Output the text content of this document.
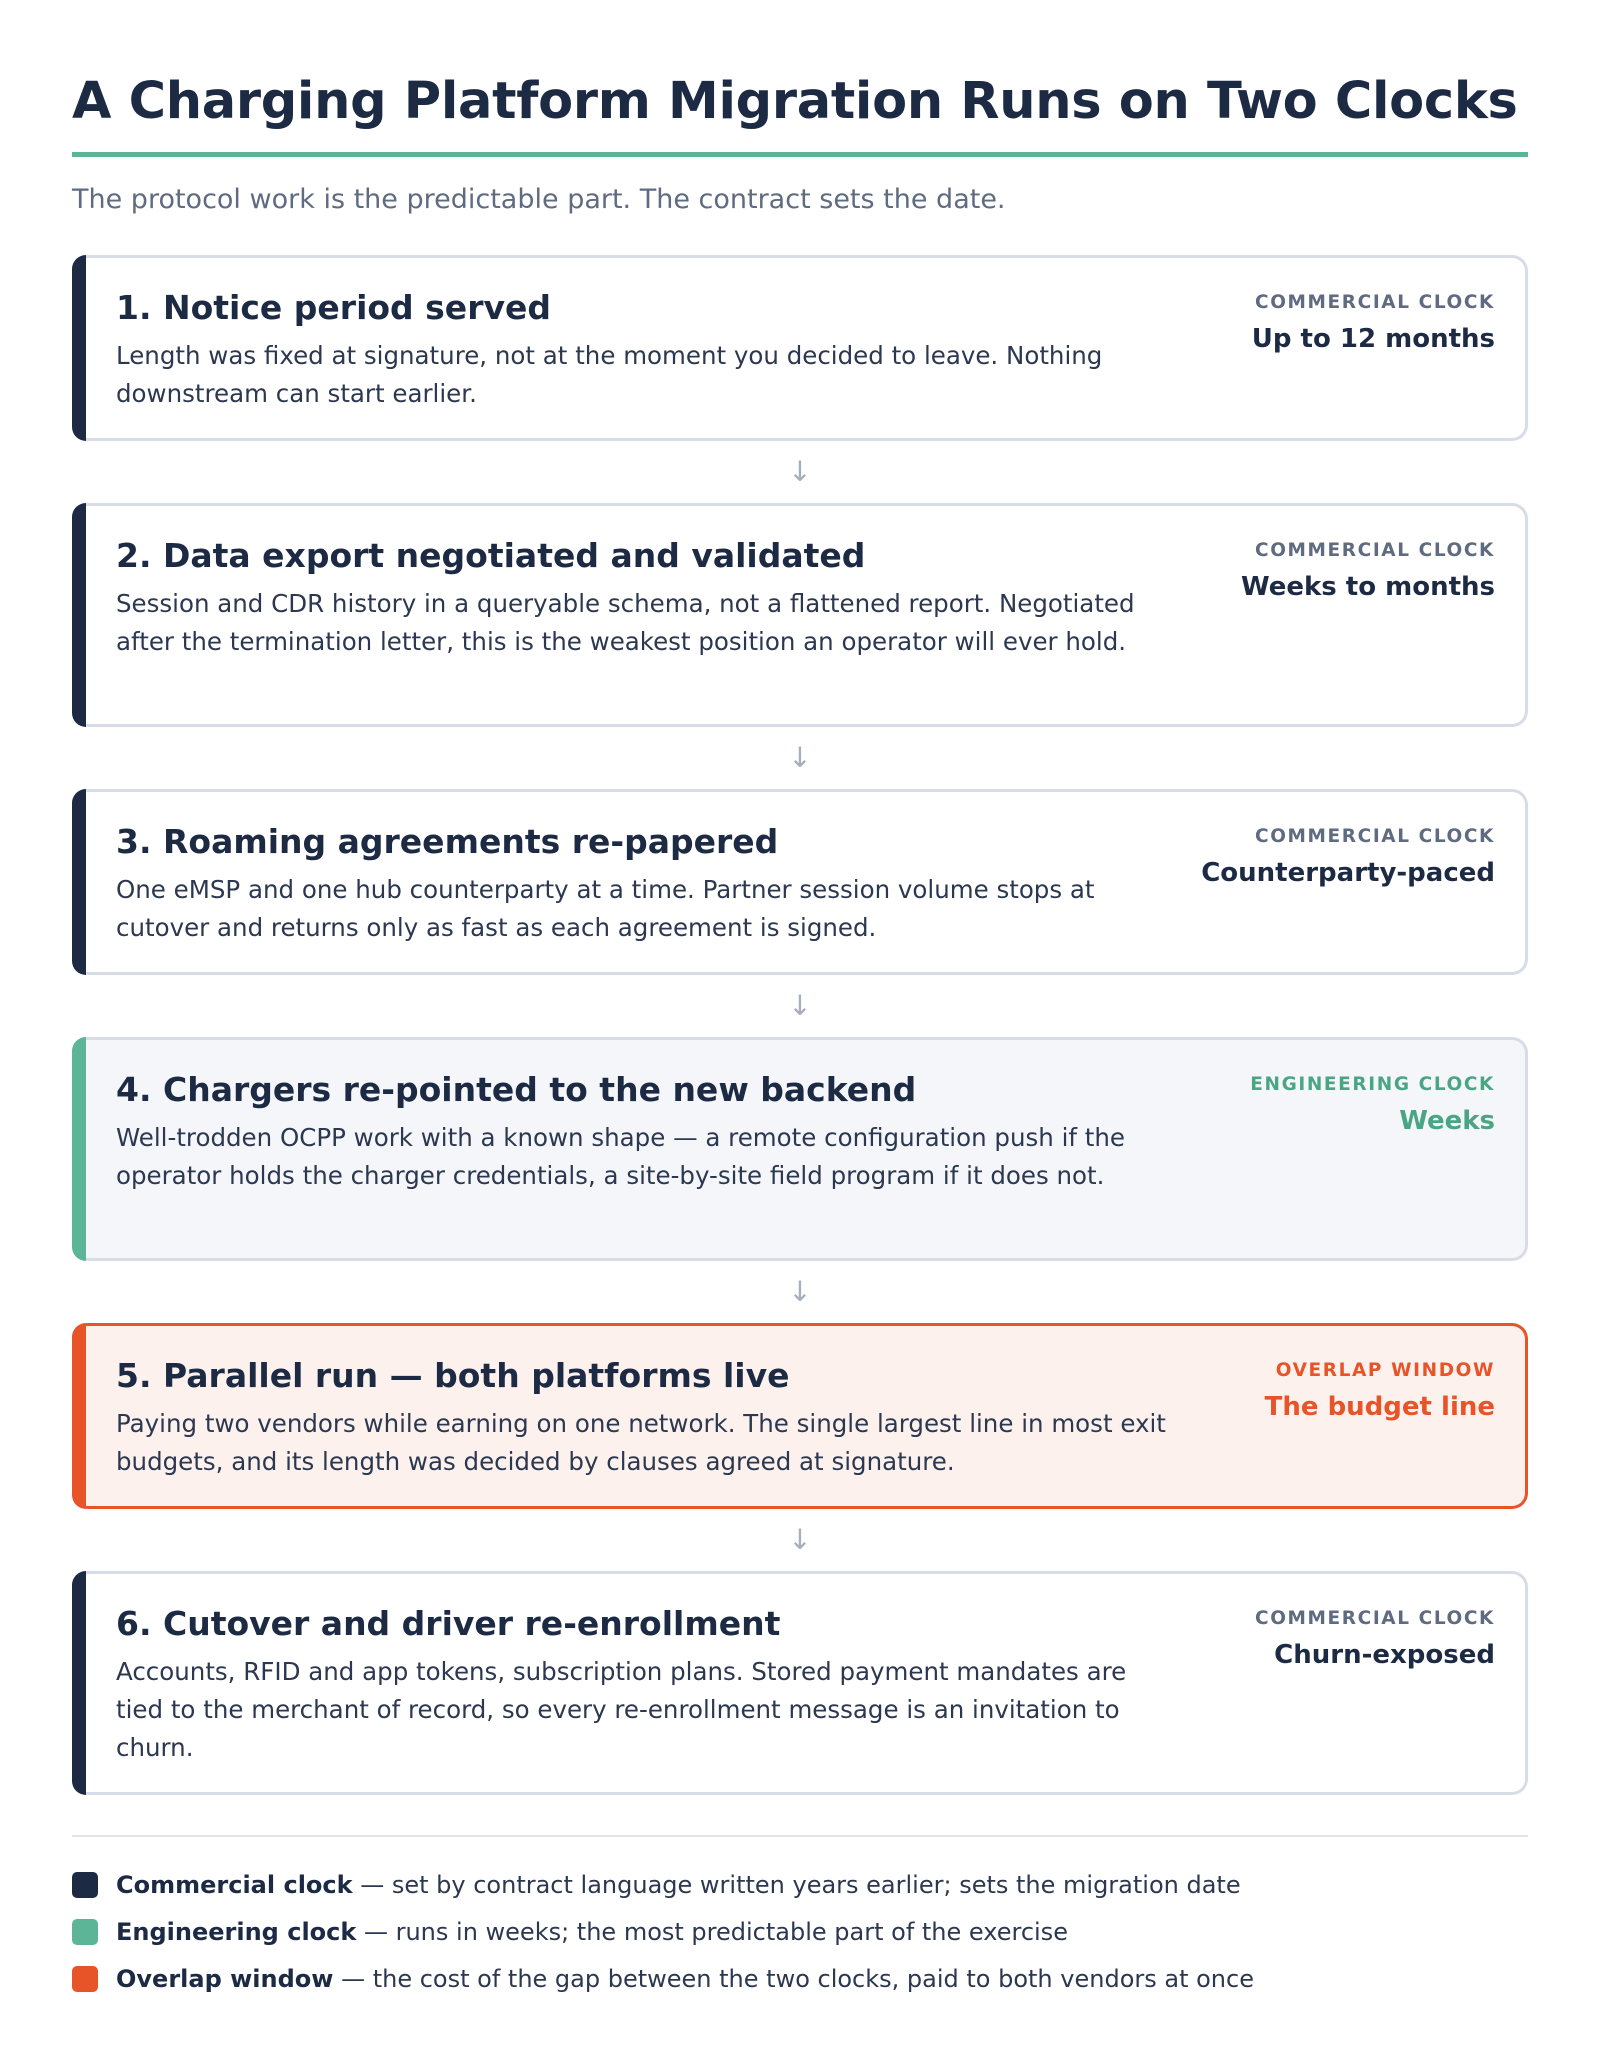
A Charging Platform Migration Runs on Two Clocks
The protocol work is the predictable part. The contract sets the date.
1. Notice period served
Length was fixed at signature, not at the moment you decided to leave. Nothing downstream can start earlier.
COMMERCIAL CLOCK
Up to 12 months
↓
2. Data export negotiated and validated
Session and CDR history in a queryable schema, not a flattened report. Negotiated after the termination letter, this is the weakest position an operator will ever hold.
COMMERCIAL CLOCK
Weeks to months
↓
3. Roaming agreements re-papered
One eMSP and one hub counterparty at a time. Partner session volume stops at cutover and returns only as fast as each agreement is signed.
COMMERCIAL CLOCK
Counterparty-paced
↓
4. Chargers re-pointed to the new backend
Well-trodden OCPP work with a known shape — a remote configuration push if the operator holds the charger credentials, a site-by-site field program if it does not.
ENGINEERING CLOCK
Weeks
↓
5. Parallel run — both platforms live
Paying two vendors while earning on one network. The single largest line in most exit budgets, and its length was decided by clauses agreed at signature.
OVERLAP WINDOW
The budget line
↓
6. Cutover and driver re-enrollment
Accounts, RFID and app tokens, subscription plans. Stored payment mandates are tied to the merchant of record, so every re-enrollment message is an invitation to churn.
COMMERCIAL CLOCK
Churn-exposed
Commercial clock — set by contract language written years earlier; sets the migration date
Engineering clock — runs in weeks; the most predictable part of the exercise
Overlap window — the cost of the gap between the two clocks, paid to both vendors at once
